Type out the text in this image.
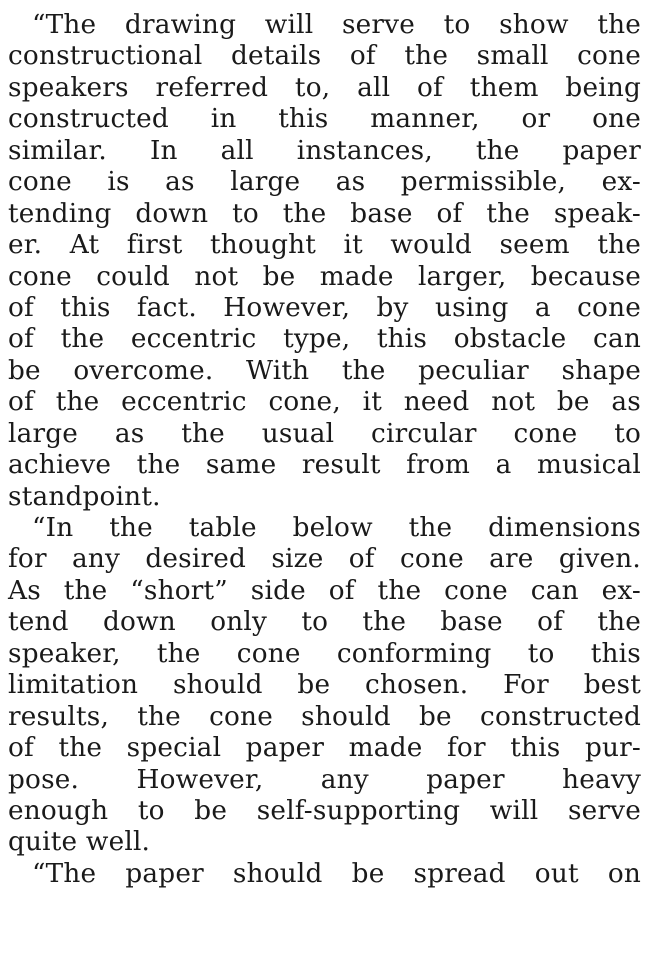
“The drawing will serve to show the
constructional details of the small cone
speakers referred to, all of them being
constructed in this manner, or one
similar. In all instances, the paper
cone is as large as permissible, ex-
tending down to the base of the speak-
er. At first thought it would seem the
cone could not be made larger, because
of this fact. However, by using a cone
of the eccentric type, this obstacle can
be overcome. With the peculiar shape
of the eccentric cone, it need not be as
large as the usual circular cone to
achieve the same result from a musical
standpoint.
“In the table below the dimensions
for any desired size of cone are given.
As the “short” side of the cone can ex-
tend down only to the base of the
speaker, the cone conforming to this
limitation should be chosen. For best
results, the cone should be constructed
of the special paper made for this pur-
pose. However, any paper heavy
enough to be self-supporting will serve
quite well.
“The paper should be spread out on
